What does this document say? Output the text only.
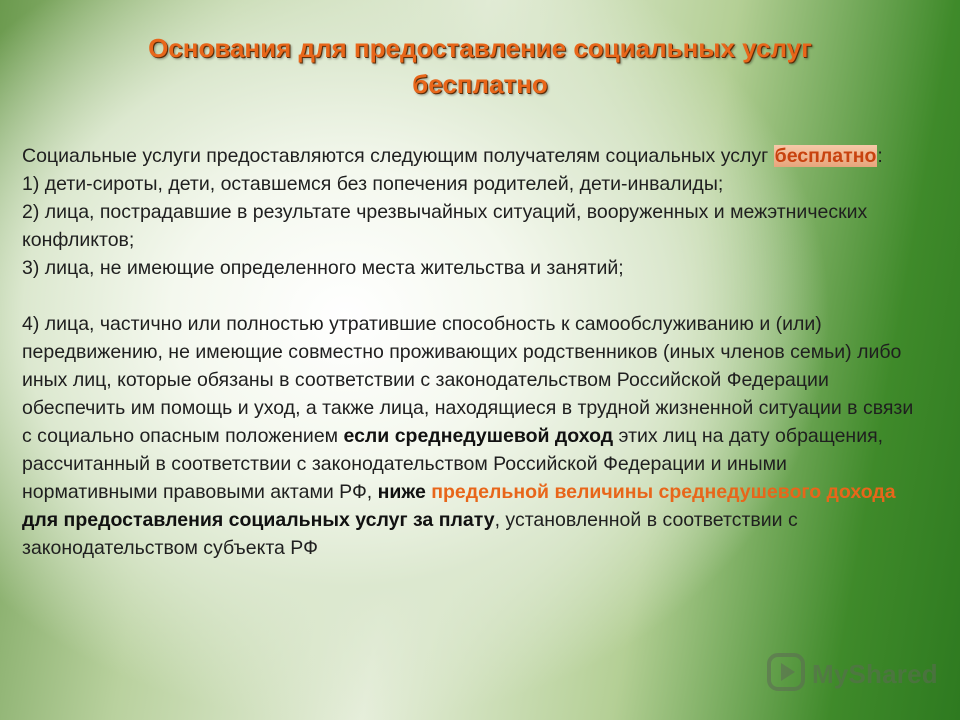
Основания для предоставление социальных услуг
бесплатно

Социальные услуги предоставляются следующим получателям социальных услуг бесплатно:

1) дети-сироты, дети, оставшемся без попечения родителей, дети-инвалиды;

2) лица, пострадавшие в результате чрезвычайных ситуаций, вооруженных и межэтнических конфликтов;

3) лица, не имеющие определенного места жительства и занятий;

4) лица, частично или полностью утратившие способность к самообслуживанию и (или) передвижению, не имеющие совместно проживающих родственников (иных членов семьи) либо иных лиц, которые обязаны в соответствии с законодательством Российской Федерации обеспечить им помощь и уход, а также лица, находящиеся в трудной жизненной ситуации в связи с социально опасным положением если среднедушевой доход этих лиц на дату обращения, рассчитанный в соответствии с законодательством Российской Федерации и иными нормативными правовыми актами РФ, ниже предельной величины среднедушевого дохода для предоставления социальных услуг за плату, установленной в соответствии с законодательством субъекта РФ

MyShared
